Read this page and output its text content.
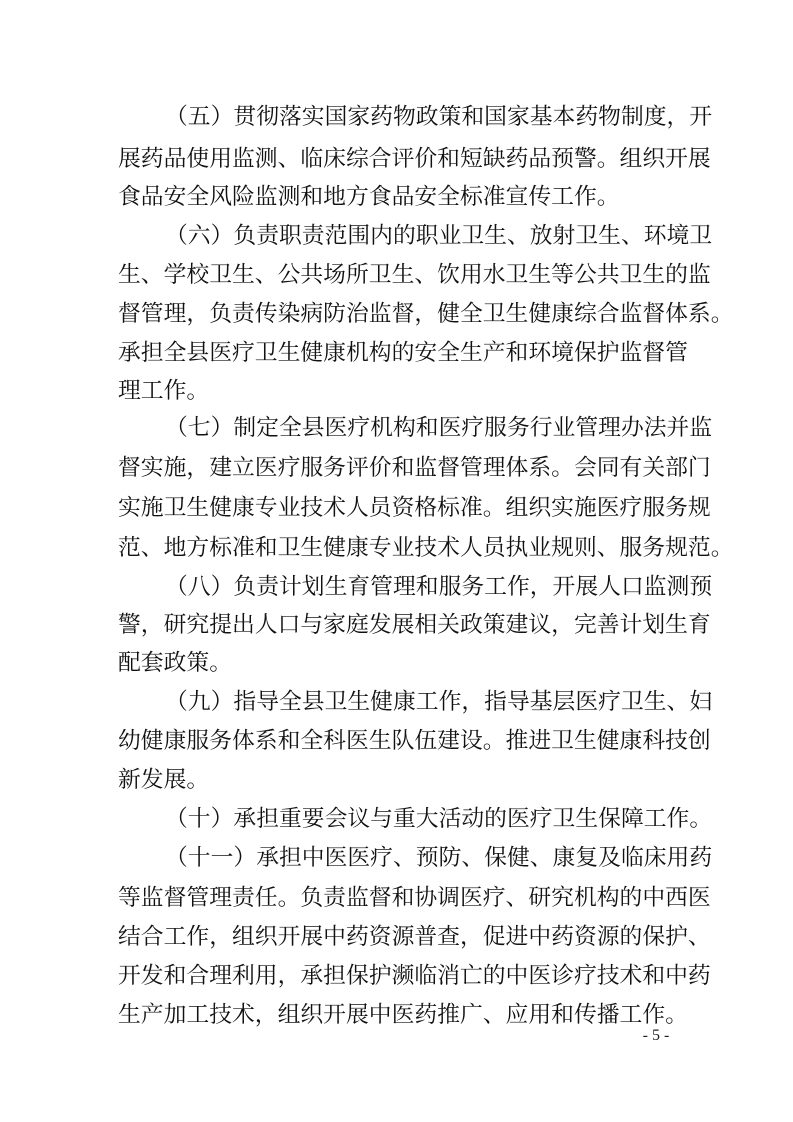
（五）贯彻落实国家药物政策和国家基本药物制度，开
展药品使用监测、临床综合评价和短缺药品预警。组织开展
食品安全风险监测和地方食品安全标准宣传工作。
（六）负责职责范围内的职业卫生、放射卫生、环境卫
生、学校卫生、公共场所卫生、饮用水卫生等公共卫生的监
督管理，负责传染病防治监督，健全卫生健康综合监督体系。
承担全县医疗卫生健康机构的安全生产和环境保护监督管
理工作。
（七）制定全县医疗机构和医疗服务行业管理办法并监
督实施，建立医疗服务评价和监督管理体系。会同有关部门
实施卫生健康专业技术人员资格标准。组织实施医疗服务规
范、地方标准和卫生健康专业技术人员执业规则、服务规范。
（八）负责计划生育管理和服务工作，开展人口监测预
警，研究提出人口与家庭发展相关政策建议，完善计划生育
配套政策。
（九）指导全县卫生健康工作，指导基层医疗卫生、妇
幼健康服务体系和全科医生队伍建设。推进卫生健康科技创
新发展。
（十）承担重要会议与重大活动的医疗卫生保障工作。
（十一）承担中医医疗、预防、保健、康复及临床用药
等监督管理责任。负责监督和协调医疗、研究机构的中西医
结合工作，组织开展中药资源普查，促进中药资源的保护、
开发和合理利用，承担保护濒临消亡的中医诊疗技术和中药
生产加工技术，组织开展中医药推广、应用和传播工作。
- 5 -
